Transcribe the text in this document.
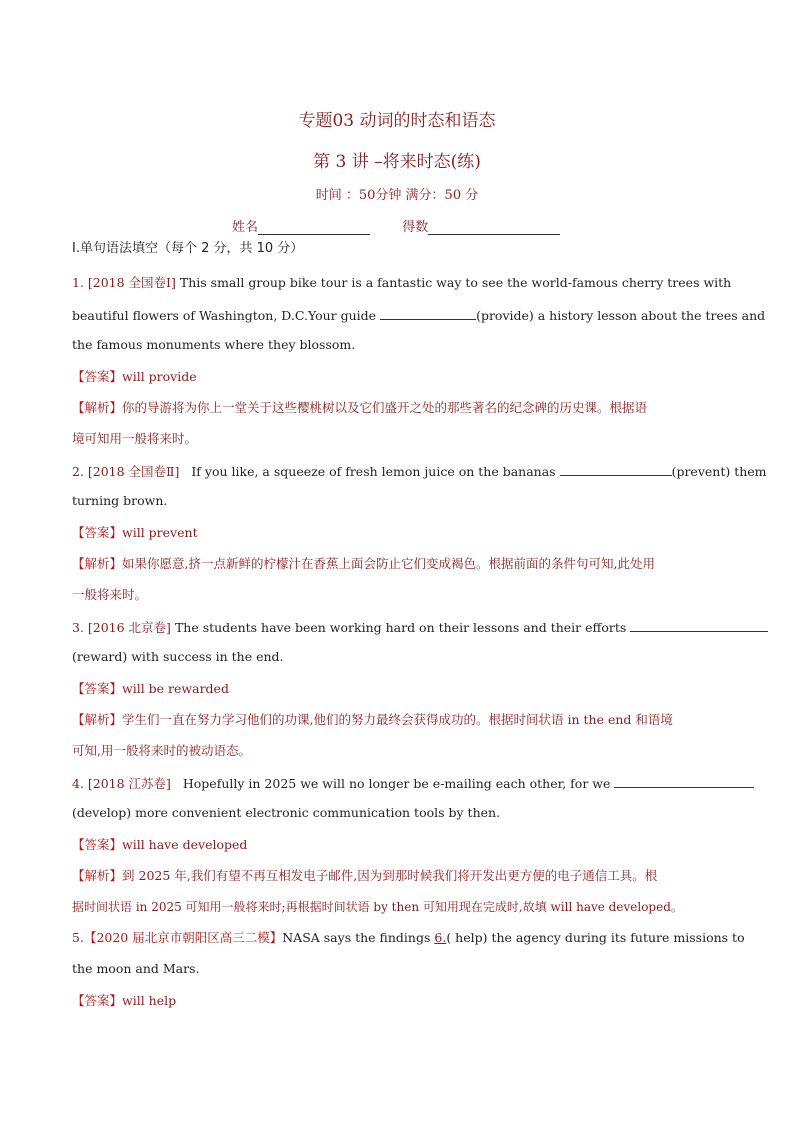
专题03 动词的时态和语态
第 3 讲 –将来时态(练)
时间 ：50分钟 满分：50 分
姓名	得数
Ⅰ.单句语法填空（每个 2 分，共 10 分）
1. [2018 全国卷Ⅰ] This small group bike tour is a fantastic way to see the world-famous cherry trees with
beautiful flowers of Washington, D.C.Your guide	(provide) a history lesson about the trees and
the famous monuments where they blossom.
【答案】will provide
【解析】你的导游将为你上一堂关于这些樱桃树以及它们盛开之处的那些著名的纪念碑的历史课。根据语
境可知用一般将来时。
2. [2018 全国卷Ⅱ] If you like, a squeeze of fresh lemon juice on the bananas	(prevent) them
turning brown.
【答案】will prevent
【解析】如果你愿意,挤一点新鲜的柠檬汁在香蕉上面会防止它们变成褐色。根据前面的条件句可知,此处用
一般将来时。
3. [2016 北京卷] The students have been working hard on their lessons and their efforts
(reward) with success in the end.
【答案】will be rewarded
【解析】学生们一直在努力学习他们的功课,他们的努力最终会获得成功的。根据时间状语 in the end 和语境
可知,用一般将来时的被动语态。
4. [2018 江苏卷] Hopefully in 2025 we will no longer be e-mailing each other, for we
(develop) more convenient electronic communication tools by then.
【答案】will have developed
【解析】到 2025 年,我们有望不再互相发电子邮件,因为到那时候我们将开发出更方便的电子通信工具。根
据时间状语 in 2025 可知用一般将来时;再根据时间状语 by then 可知用现在完成时,故填 will have developed。
5.【2020 届北京市朝阳区高三二模】NASA says the findings 6.( help) the agency during its future missions to
the moon and Mars.
【答案】will help
